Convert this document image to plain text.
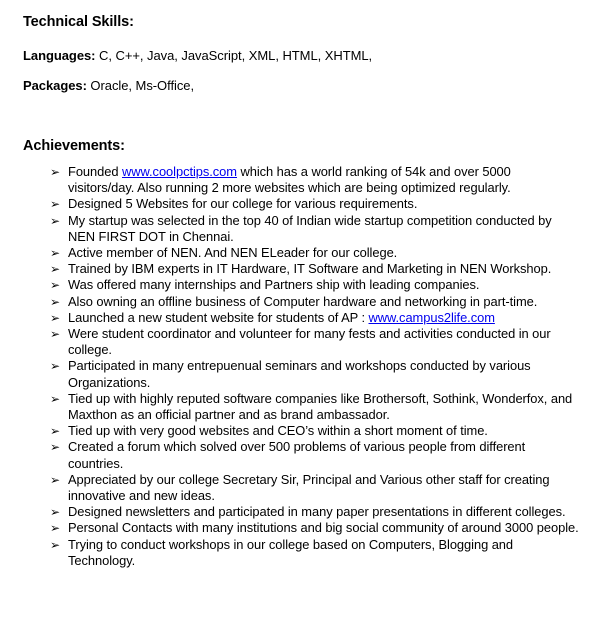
Technical Skills:
Languages: C, C++, Java, JavaScript, XML, HTML, XHTML,
Packages: Oracle, Ms-Office,
Achievements:
➢ Founded www.coolpctips.com which has a world ranking of 54k and over 5000 visitors/day. Also running 2 more websites which are being optimized regularly.
➢ Designed 5 Websites for our college for various requirements.
➢ My startup was selected in the top 40 of Indian wide startup competition conducted by NEN FIRST DOT in Chennai.
➢ Active member of NEN. And NEN ELeader for our college.
➢ Trained by IBM experts in IT Hardware, IT Software and Marketing in NEN Workshop.
➢ Was offered many internships and Partners ship with leading companies.
➢ Also owning an offline business of Computer hardware and networking in part-time.
➢ Launched a new student website for students of AP : www.campus2life.com
➢ Were student coordinator and volunteer for many fests and activities conducted in our college.
➢ Participated in many entrepuenual seminars and workshops conducted by various Organizations.
➢ Tied up with highly reputed software companies like Brothersoft, Sothink, Wonderfox, and Maxthon as an official partner and as brand ambassador.
➢ Tied up with very good websites and CEO’s within a short moment of time.
➢ Created a forum which solved over 500 problems of various people from different countries.
➢ Appreciated by our college Secretary Sir, Principal and Various other staff for creating innovative and new ideas.
➢ Designed newsletters and participated in many paper presentations in different colleges.
➢ Personal Contacts with many institutions and big social community of around 3000 people.
➢ Trying to conduct workshops in our college based on Computers, Blogging and Technology.
